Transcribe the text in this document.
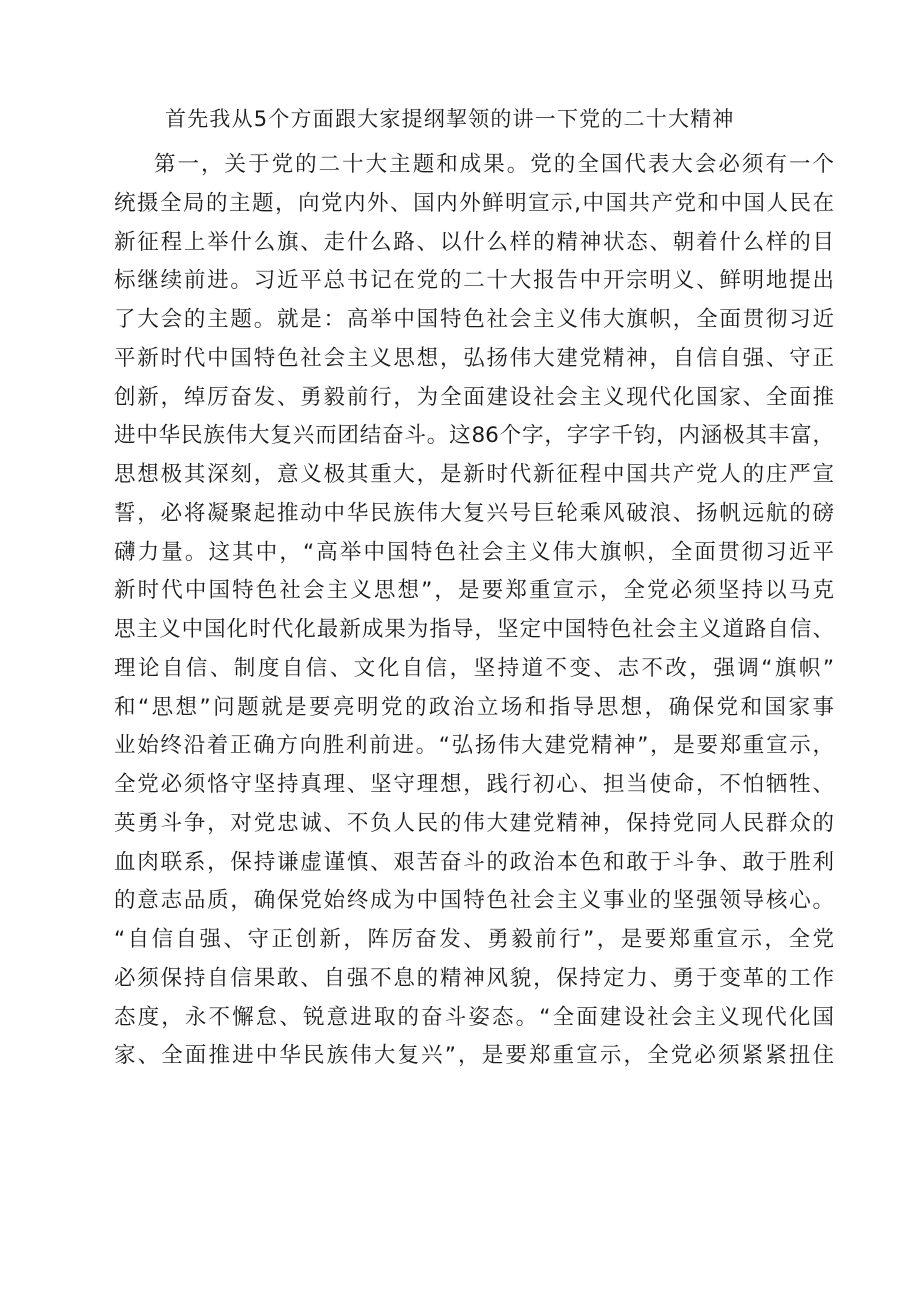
首先我从5个方面跟大家提纲挈领的讲一下党的二十大精神
第一，关于党的二十大主题和成果。党的全国代表大会必须有一个
统摄全局的主题，向党内外、国内外鲜明宣示,中国共产党和中国人民在
新征程上举什么旗、走什么路、以什么样的精神状态、朝着什么样的目
标继续前进。习近平总书记在党的二十大报告中开宗明义、鲜明地提出
了大会的主题。就是：高举中国特色社会主义伟大旗帜，全面贯彻习近
平新时代中国特色社会主义思想，弘扬伟大建党精神，自信自强、守正
创新，绰厉奋发、勇毅前行，为全面建设社会主义现代化国家、全面推
进中华民族伟大复兴而团结奋斗。这86个字，字字千钧，内涵极其丰富，
思想极其深刻，意义极其重大，是新时代新征程中国共产党人的庄严宣
誓，必将凝聚起推动中华民族伟大复兴号巨轮乘风破浪、扬帆远航的磅
礴力量。这其中，“高举中国特色社会主义伟大旗帜，全面贯彻习近平
新时代中国特色社会主义思想”，是要郑重宣示，全党必须坚持以马克
思主义中国化时代化最新成果为指导，坚定中国特色社会主义道路自信、
理论自信、制度自信、文化自信，坚持道不变、志不改，强调“旗帜”
和“思想”问题就是要亮明党的政治立场和指导思想，确保党和国家事
业始终沿着正确方向胜利前进。“弘扬伟大建党精神”，是要郑重宣示，
全党必须恪守坚持真理、坚守理想，践行初心、担当使命，不怕牺牲、
英勇斗争，对党忠诚、不负人民的伟大建党精神，保持党同人民群众的
血肉联系，保持谦虚谨慎、艰苦奋斗的政治本色和敢于斗争、敢于胜利
的意志品质，确保党始终成为中国特色社会主义事业的坚强领导核心。
“自信自强、守正创新，阵厉奋发、勇毅前行”，是要郑重宣示，全党
必须保持自信果敢、自强不息的精神风貌，保持定力、勇于变革的工作
态度，永不懈怠、锐意进取的奋斗姿态。“全面建设社会主义现代化国
家、全面推进中华民族伟大复兴”，是要郑重宣示，全党必须紧紧扭住
